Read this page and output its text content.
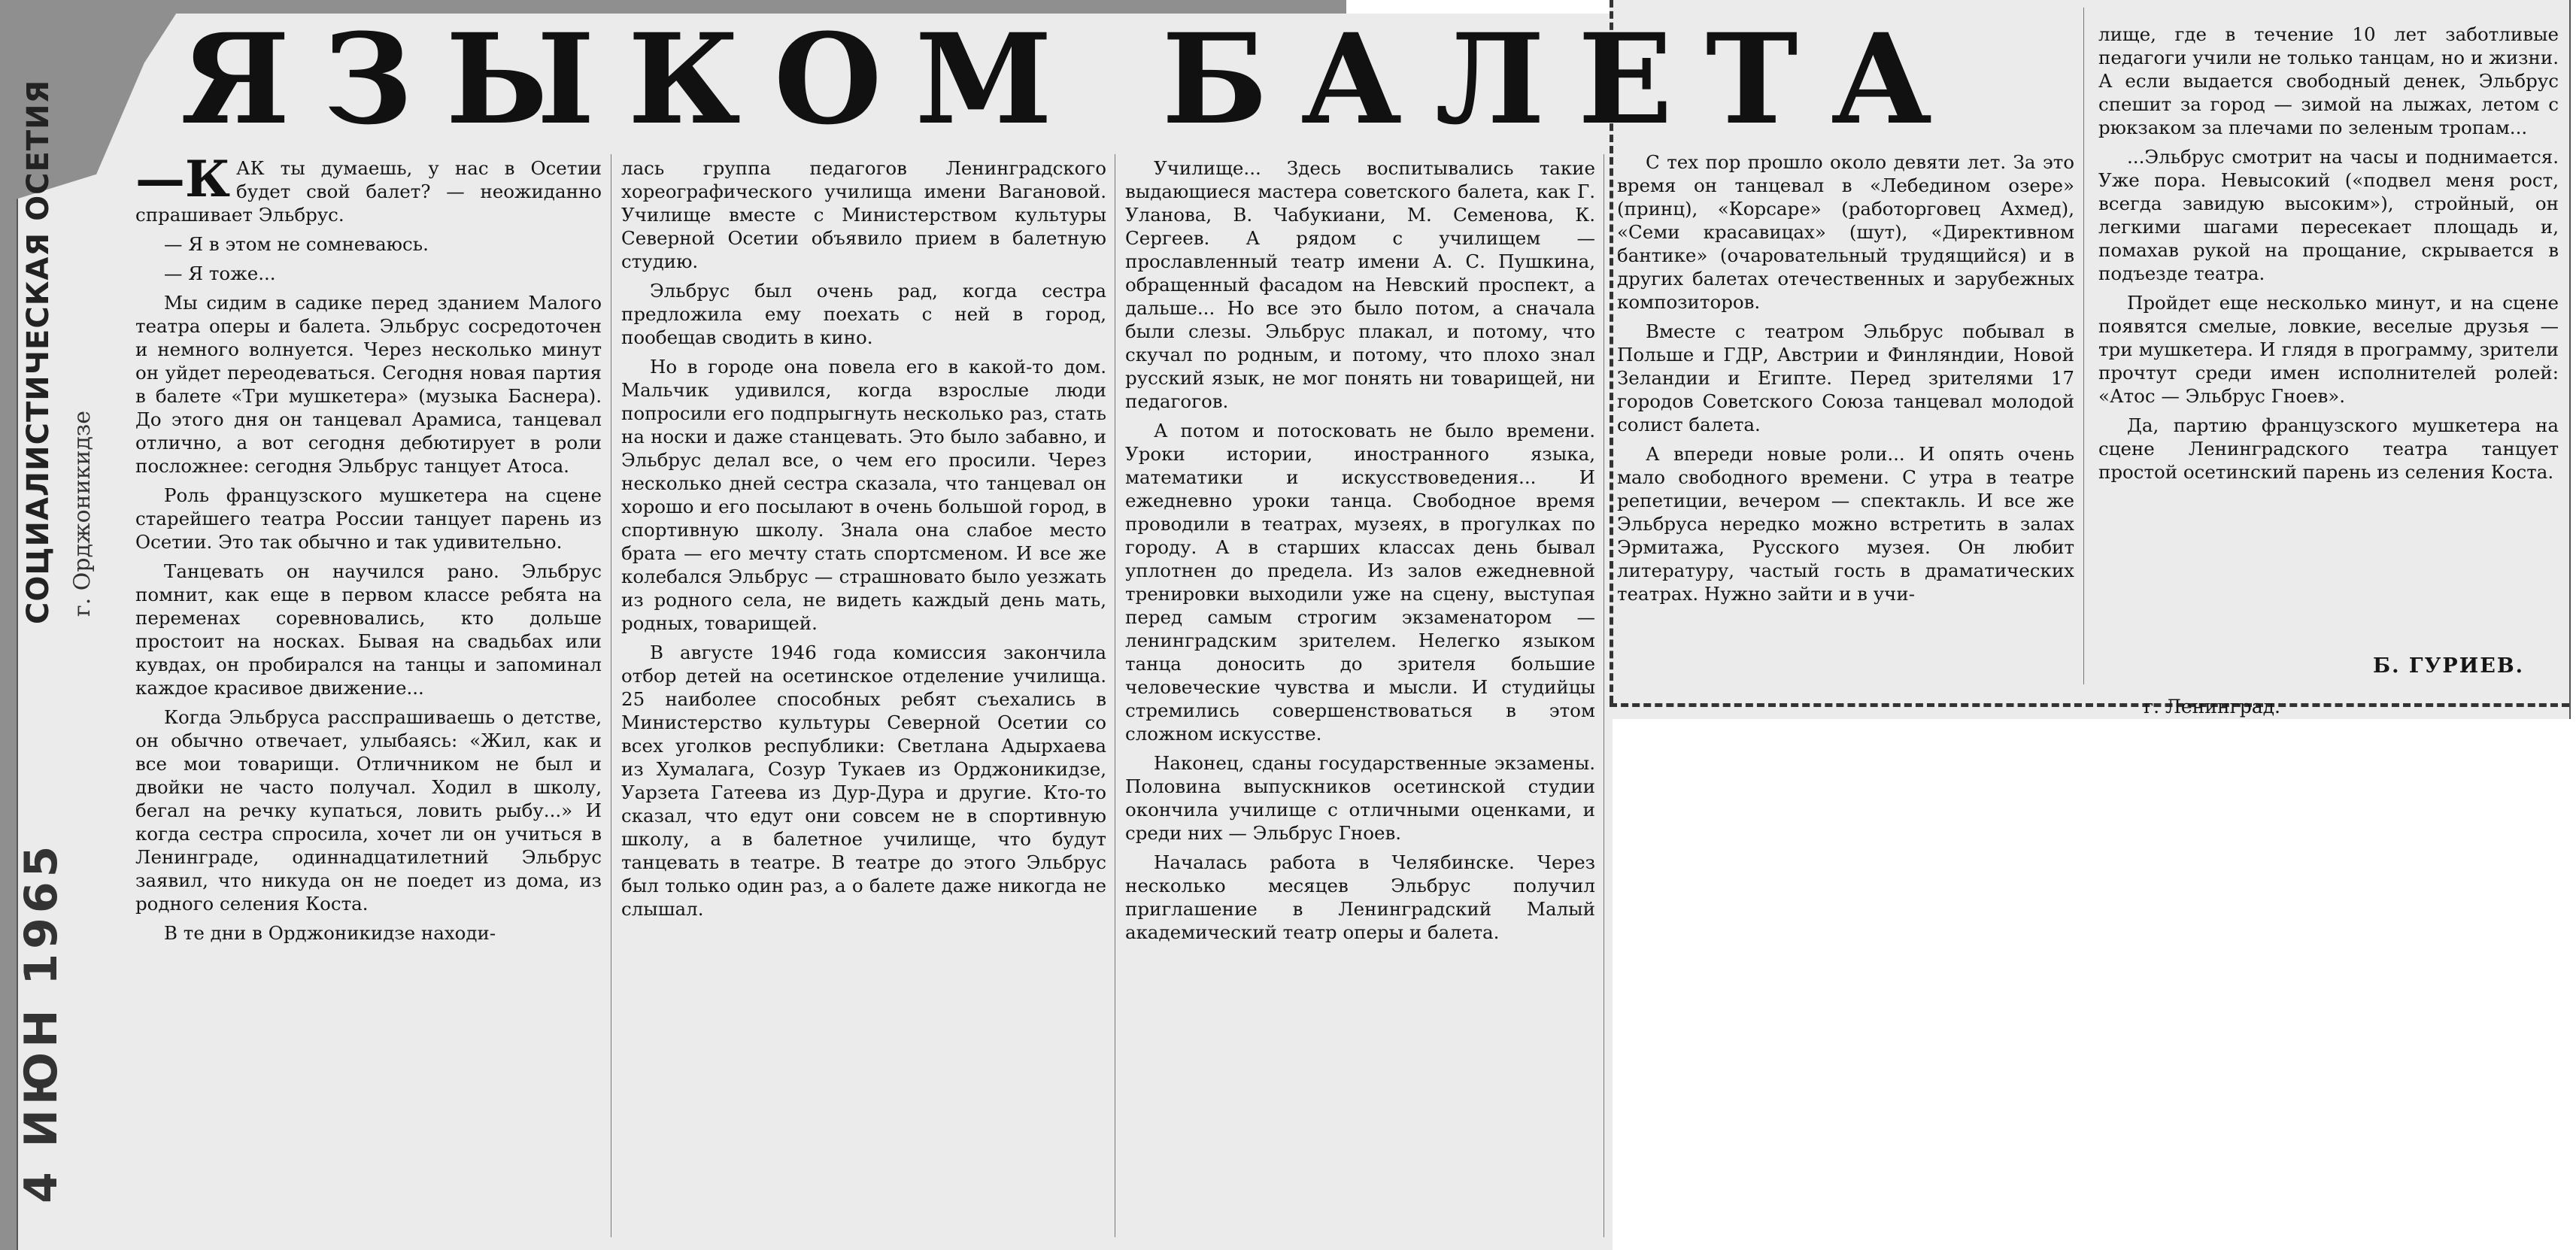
ЯЗЫКОМ БАЛЕТА
СОЦИАЛИСТИЧЕСКАЯ ОСЕТИЯ г. Орджоникидзе
4 ИЮН 1965

—К АК ты думаешь, у нас в Осетии будет свой балет? — неожиданно спрашивает Эльбрус.

— Я в этом не сомневаюсь.

— Я тоже...

Мы сидим в садике перед зданием Малого театра оперы и балета. Эльбрус сосредоточен и немного волнуется. Через несколько минут он уйдет переодеваться. Сегодня новая партия в балете «Три мушкетера» (музыка Баснера). До этого дня он танцевал Арамиса, танцевал отлично, а вот сегодня дебютирует в роли посложнее: сегодня Эльбрус танцует Атоса.

Роль французского мушкетера на сцене старейшего театра России танцует парень из Осетии. Это так обычно и так удивительно.

Танцевать он научился рано. Эльбрус помнит, как еще в первом классе ребята на переменах соревновались, кто дольше простоит на носках. Бывая на свадьбах или кувдах, он пробирался на танцы и запоминал каждое красивое движение...

Когда Эльбруса расспрашиваешь о детстве, он обычно отвечает, улыбаясь: «Жил, как и все мои товарищи. Отличником не был и двойки не часто получал. Ходил в школу, бегал на речку купаться, ловить рыбу...» И когда сестра спросила, хочет ли он учиться в Ленинграде, одиннадцатилетний Эльбрус заявил, что никуда он не поедет из дома, из родного селения Коста.

В те дни в Орджоникидзе находи-

лась группа педагогов Ленинградского хореографического училища имени Вагановой. Училище вместе с Министерством культуры Северной Осетии объявило прием в балетную студию.

Эльбрус был очень рад, когда сестра предложила ему поехать с ней в город, пообещав сводить в кино.

Но в городе она повела его в какой-то дом. Мальчик удивился, когда взрослые люди попросили его подпрыгнуть несколько раз, стать на носки и даже станцевать. Это было забавно, и Эльбрус делал все, о чем его просили. Через несколько дней сестра сказала, что танцевал он хорошо и его посылают в очень большой город, в спортивную школу. Знала она слабое место брата — его мечту стать спортсменом. И все же колебался Эльбрус — страшновато было уезжать из родного села, не видеть каждый день мать, родных, товарищей.

В августе 1946 года комиссия закончила отбор детей на осетинское отделение училища. 25 наиболее способных ребят съехались в Министерство культуры Северной Осетии со всех уголков республики: Светлана Адырхаева из Хумалага, Созур Тукаев из Орджоникидзе, Уарзета Гатеева из Дур-Дура и другие. Кто-то сказал, что едут они совсем не в спортивную школу, а в балетное училище, что будут танцевать в театре. В театре до этого Эльбрус был только один раз, а о балете даже никогда не слышал.

Училище... Здесь воспитывались такие выдающиеся мастера советского балета, как Г. Уланова, В. Чабукиани, М. Семенова, К. Сергеев. А рядом с училищем — прославленный театр имени А. С. Пушкина, обращенный фасадом на Невский проспект, а дальше... Но все это было потом, а сначала были слезы. Эльбрус плакал, и потому, что скучал по родным, и потому, что плохо знал русский язык, не мог понять ни товарищей, ни педагогов.

А потом и потосковать не было времени. Уроки истории, иностранного языка, математики и искусствоведения... И ежедневно уроки танца. Свободное время проводили в театрах, музеях, в прогулках по городу. А в старших классах день бывал уплотнен до предела. Из залов ежедневной тренировки выходили уже на сцену, выступая перед самым строгим экзаменатором — ленинградским зрителем. Нелегко языком танца доносить до зрителя большие человеческие чувства и мысли. И студийцы стремились совершенствоваться в этом сложном искусстве.

Наконец, сданы государственные экзамены. Половина выпускников осетинской студии окончила училище с отличными оценками, и среди них — Эльбрус Гноев.

Началась работа в Челябинске. Через несколько месяцев Эльбрус получил приглашение в Ленинградский Малый академический театр оперы и балета.

С тех пор прошло около девяти лет. За это время он танцевал в «Лебедином озере» (принц), «Корсаре» (работорговец Ахмед), «Семи красавицах» (шут), «Директивном бантике» (очаровательный трудящийся) и в других балетах отечественных и зарубежных композиторов.

Вместе с театром Эльбрус побывал в Польше и ГДР, Австрии и Финляндии, Новой Зеландии и Египте. Перед зрителями 17 городов Советского Союза танцевал молодой солист балета.

А впереди новые роли... И опять очень мало свободного времени. С утра в театре репетиции, вечером — спектакль. И все же Эльбруса нередко можно встретить в залах Эрмитажа, Русского музея. Он любит литературу, частый гость в драматических театрах. Нужно зайти и в учи-

лище, где в течение 10 лет заботливые педагоги учили не только танцам, но и жизни. А если выдается свободный денек, Эльбрус спешит за город — зимой на лыжах, летом с рюкзаком за плечами по зеленым тропам...

...Эльбрус смотрит на часы и поднимается. Уже пора. Невысокий («подвел меня рост, всегда завидую высоким»), стройный, он легкими шагами пересекает площадь и, помахав рукой на прощание, скрывается в подъезде театра.

Пройдет еще несколько минут, и на сцене появятся смелые, ловкие, веселые друзья — три мушкетера. И глядя в программу, зрители прочтут среди имен исполнителей ролей: «Атос — Эльбрус Гноев».

Да, партию французского мушкетера на сцене Ленинградского театра танцует простой осетинский парень из селения Коста.

Б. ГУРИЕВ.
г. Ленинград.
